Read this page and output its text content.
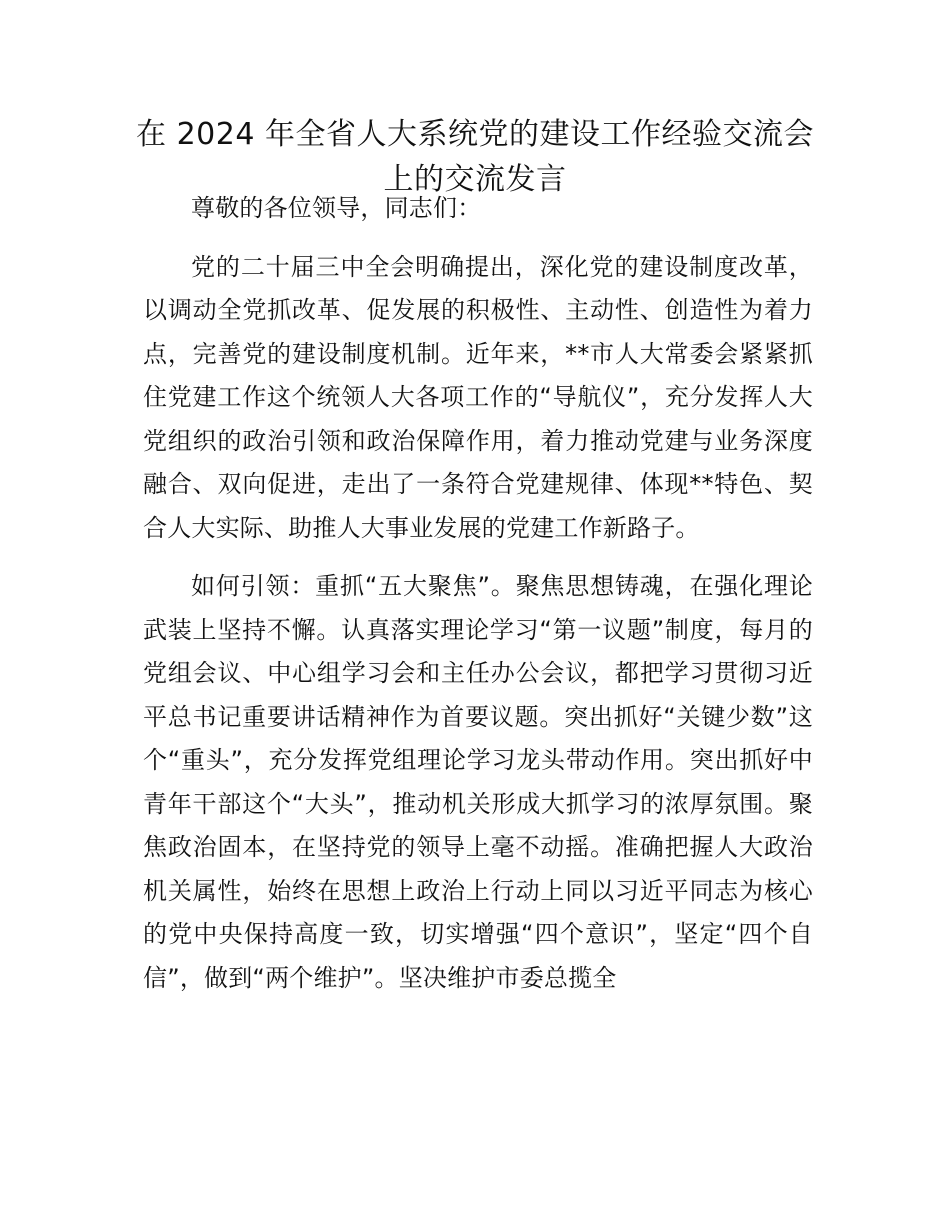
在 2024 年全省人大系统党的建设工作经验交流会上的交流发言

尊敬的各位领导，同志们：

党的二十届三中全会明确提出，深化党的建设制度改革，以调动全党抓改革、促发展的积极性、主动性、创造性为着力点，完善党的建设制度机制。近年来，**市人大常委会紧紧抓住党建工作这个统领人大各项工作的“导航仪”，充分发挥人大党组织的政治引领和政治保障作用，着力推动党建与业务深度融合、双向促进，走出了一条符合党建规律、体现**特色、契合人大实际、助推人大事业发展的党建工作新路子。

如何引领：重抓“五大聚焦”。聚焦思想铸魂，在强化理论武装上坚持不懈。认真落实理论学习“第一议题”制度，每月的党组会议、中心组学习会和主任办公会议，都把学习贯彻习近平总书记重要讲话精神作为首要议题。突出抓好“关键少数”这个“重头”，充分发挥党组理论学习龙头带动作用。突出抓好中青年干部这个“大头”，推动机关形成大抓学习的浓厚氛围。聚焦政治固本，在坚持党的领导上毫不动摇。准确把握人大政治机关属性，始终在思想上政治上行动上同以习近平同志为核心的党中央保持高度一致，切实增强“四个意识”，坚定“四个自信”，做到“两个维护”。坚决维护市委总揽全
